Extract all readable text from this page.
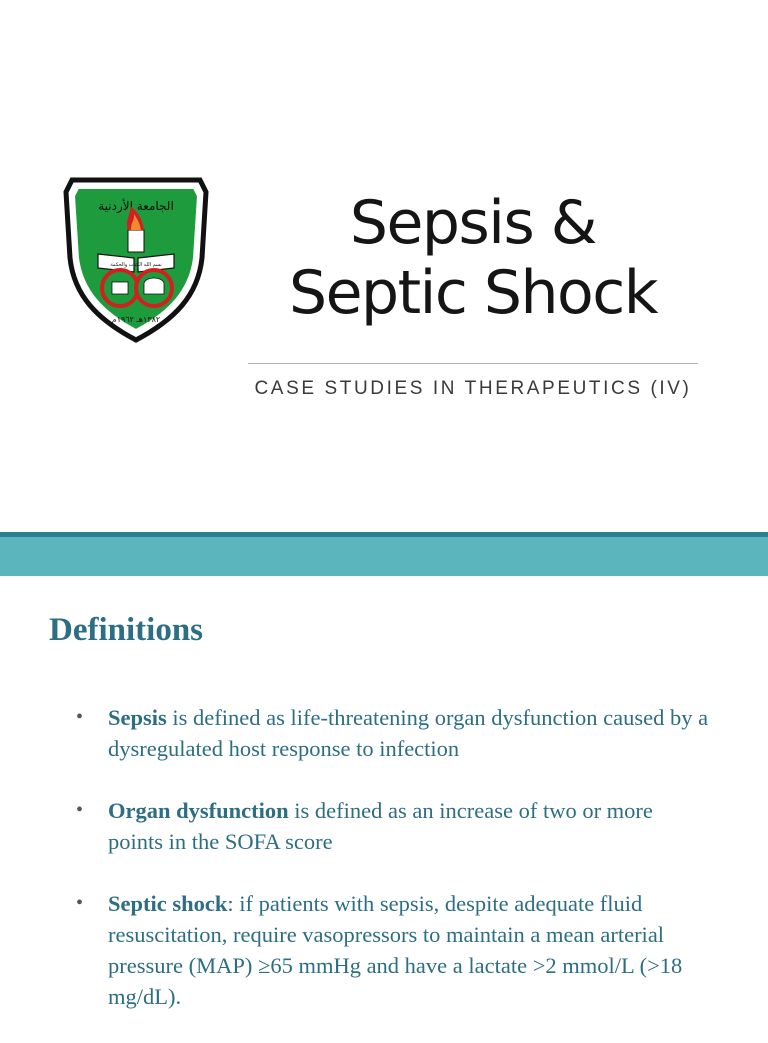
الجامعة الأردنية
بسم الله الكتاب والحكمة
١٣٨٢هـ ١٩٦٢م
Sepsis &
Septic Shock
CASE STUDIES IN THERAPEUTICS (IV)
Definitions
• Sepsis is defined as life-threatening organ dysfunction caused by a dysregulated host response to infection
• Organ dysfunction is defined as an increase of two or more points in the SOFA score
• Septic shock: if patients with sepsis, despite adequate fluid resuscitation, require vasopressors to maintain a mean arterial pressure (MAP) ≥65 mmHg and have a lactate >2 mmol/L (>18 mg/dL).
